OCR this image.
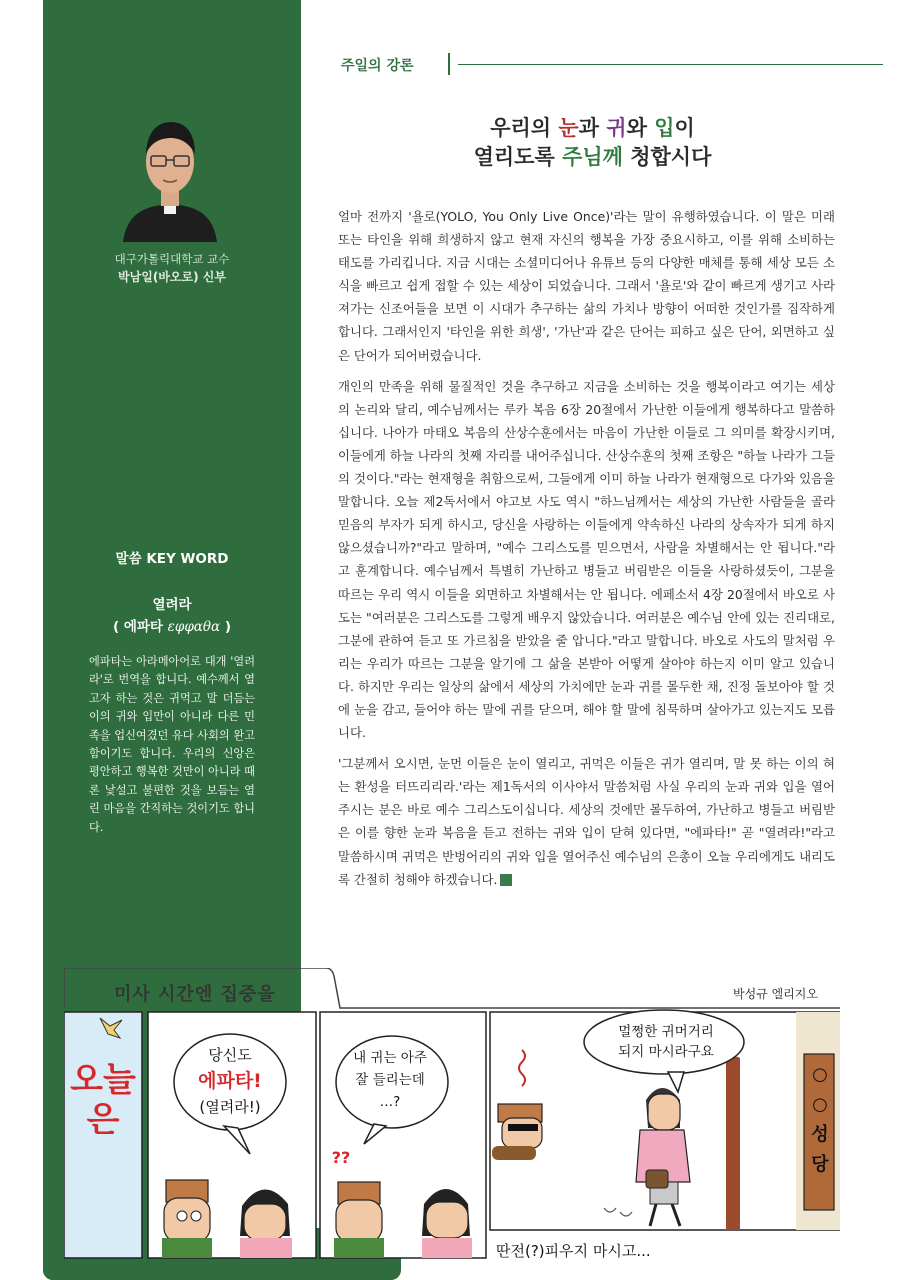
대구가톨릭대학교 교수
박남일(바오로) 신부
말씀 KEY WORD
열려라
( 에파타 εφφαθα )
에파타는 아라메아어로 대개 '열려라'로 번역을 합니다. 예수께서 열고자 하는 것은 귀먹고 말 더듬는 이의 귀와 입만이 아니라 다른 민족을 업신여겼던 유다 사회의 완고함이기도 합니다. 우리의 신앙은 평안하고 행복한 것만이 아니라 때론 낯설고 불편한 것을 보듬는 열린 마음을 간직하는 것이기도 합니다.
주일의 강론
우리의 눈과 귀와 입이
열리도록 주님께 청합시다

얼마 전까지 '욜로(YOLO, You Only Live Once)'라는 말이 유행하였습니다. 이 말은 미래 또는 타인을 위해 희생하지 않고 현재 자신의 행복을 가장 중요시하고, 이를 위해 소비하는 태도를 가리킵니다. 지금 시대는 소셜미디어나 유튜브 등의 다양한 매체를 통해 세상 모든 소식을 빠르고 쉽게 접할 수 있는 세상이 되었습니다. 그래서 '욜로'와 같이 빠르게 생기고 사라져가는 신조어들을 보면 이 시대가 추구하는 삶의 가치나 방향이 어떠한 것인가를 짐작하게 합니다. 그래서인지 '타인을 위한 희생', '가난'과 같은 단어는 피하고 싶은 단어, 외면하고 싶은 단어가 되어버렸습니다.

개인의 만족을 위해 물질적인 것을 추구하고 지금을 소비하는 것을 행복이라고 여기는 세상의 논리와 달리, 예수님께서는 루카 복음 6장 20절에서 가난한 이들에게 행복하다고 말씀하십니다. 나아가 마태오 복음의 산상수훈에서는 마음이 가난한 이들로 그 의미를 확장시키며, 이들에게 하늘 나라의 첫째 자리를 내어주십니다. 산상수훈의 첫째 조항은 "하늘 나라가 그들의 것이다."라는 현재형을 취함으로써, 그들에게 이미 하늘 나라가 현재형으로 다가와 있음을 말합니다. 오늘 제2독서에서 야고보 사도 역시 "하느님께서는 세상의 가난한 사람들을 골라 믿음의 부자가 되게 하시고, 당신을 사랑하는 이들에게 약속하신 나라의 상속자가 되게 하지 않으셨습니까?"라고 말하며, "예수 그리스도를 믿으면서, 사람을 차별해서는 안 됩니다."라고 훈계합니다. 예수님께서 특별히 가난하고 병들고 버림받은 이들을 사랑하셨듯이, 그분을 따르는 우리 역시 이들을 외면하고 차별해서는 안 됩니다. 에페소서 4장 20절에서 바오로 사도는 "여러분은 그리스도를 그렇게 배우지 않았습니다. 여러분은 예수님 안에 있는 진리대로, 그분에 관하여 듣고 또 가르침을 받았을 줄 압니다."라고 말합니다. 바오로 사도의 말처럼 우리는 우리가 따르는 그분을 알기에 그 삶을 본받아 어떻게 살아야 하는지 이미 알고 있습니다. 하지만 우리는 일상의 삶에서 세상의 가치에만 눈과 귀를 몰두한 채, 진정 돌보아야 할 것에 눈을 감고, 들어야 하는 말에 귀를 닫으며, 해야 할 말에 침묵하며 살아가고 있는지도 모릅니다.

'그분께서 오시면, 눈먼 이들은 눈이 열리고, 귀먹은 이들은 귀가 열리며, 말 못 하는 이의 혀는 환성을 터뜨리리라.'라는 제1독서의 이사야서 말씀처럼 사실 우리의 눈과 귀와 입을 열어주시는 분은 바로 예수 그리스도이십니다. 세상의 것에만 몰두하여, 가난하고 병들고 버림받은 이를 향한 눈과 복음을 듣고 전하는 귀와 입이 닫혀 있다면, "에파타!" 곧 "열려라!"라고 말씀하시며 귀먹은 반벙어리의 귀와 입을 열어주신 예수님의 은총이 오늘 우리에게도 내리도록 간절히 청해야 하겠습니다.

미사 시간엔 집중을	박성규 엘리지오
오늘은
당신도
에파타!
(열려라!)
내 귀는 아주
잘 들리는데
…?
??
멀쩡한 귀머거리
되지 마시라구요
○○성당
딴전(?)피우지 마시고...
